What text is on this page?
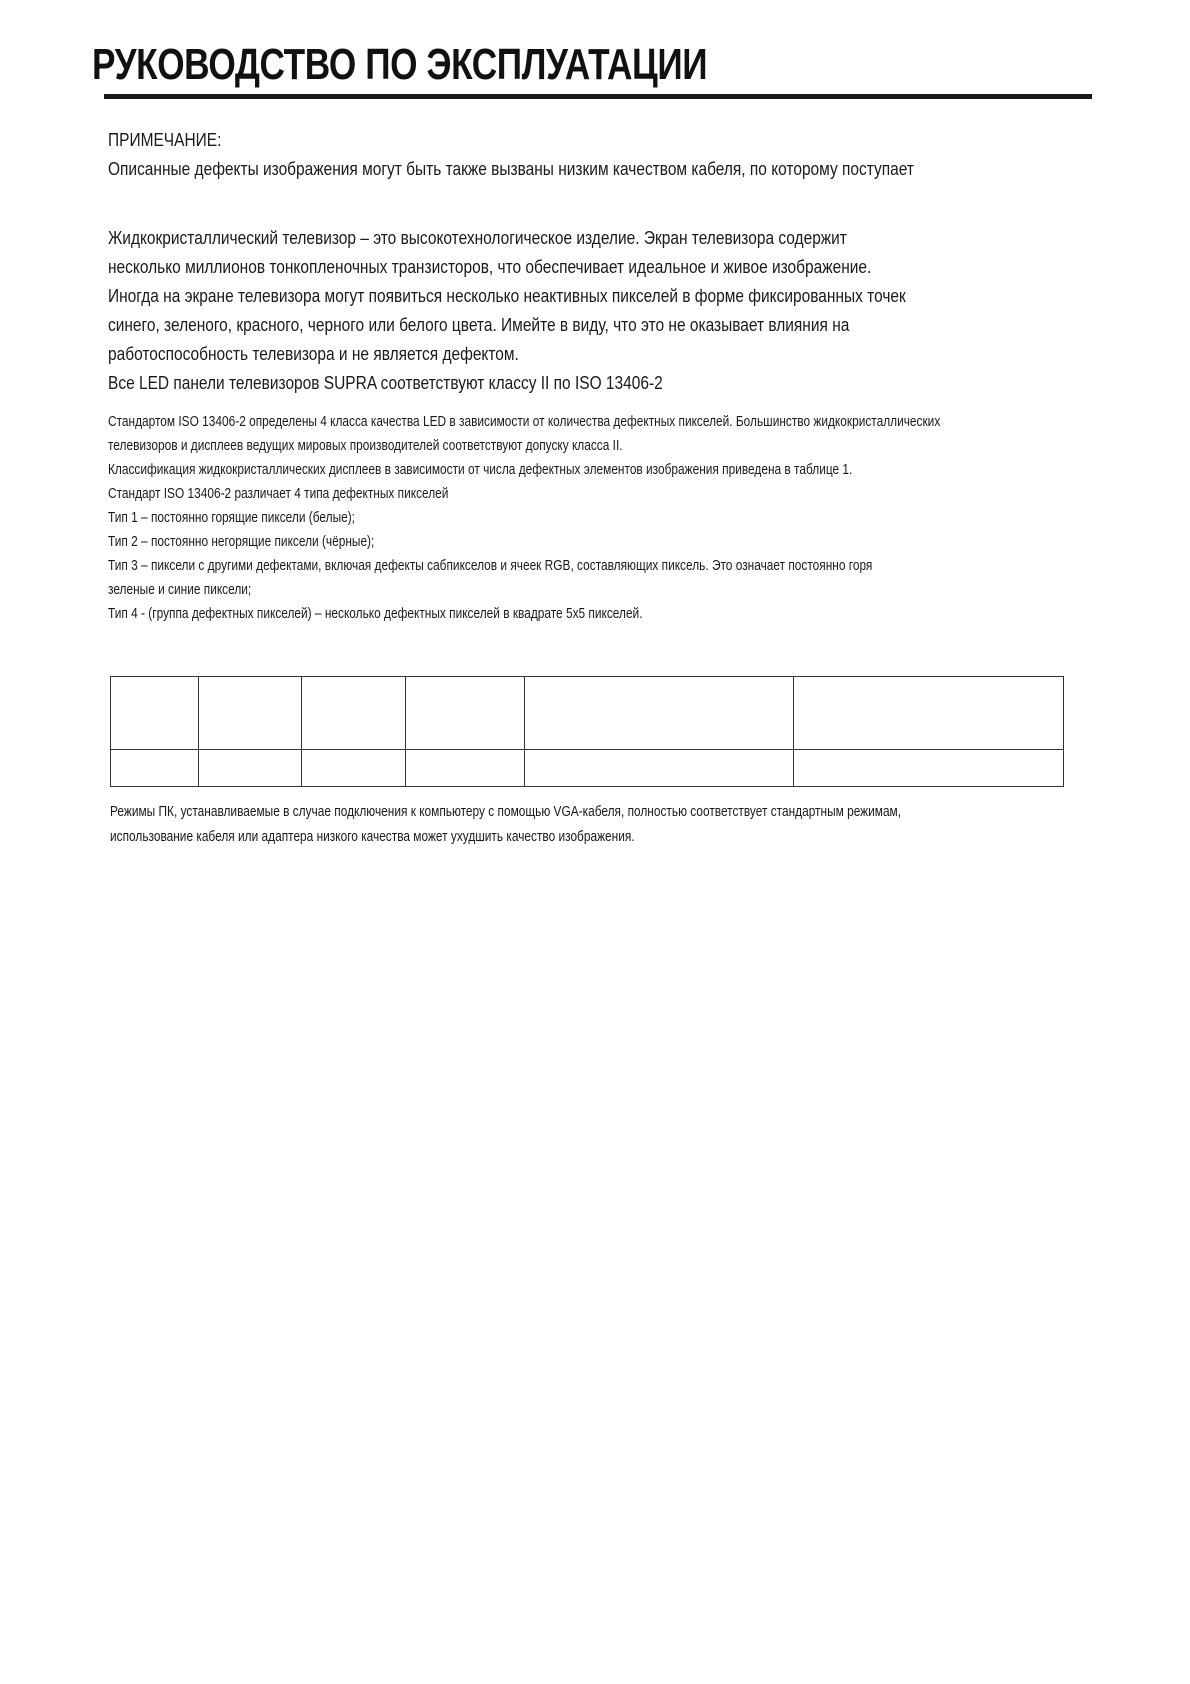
РУКОВОДСТВО ПО ЭКСПЛУАТАЦИИ
ПРИМЕЧАНИЕ:
Описанные дефекты изображения могут быть также вызваны низким качеством кабеля, по которому поступает
Жидкокристаллический телевизор – это высокотехнологическое изделие. Экран телевизора содержит
несколько миллионов тонкопленочных транзисторов, что обеспечивает идеальное и живое изображение.
Иногда на экране телевизора могут появиться несколько неактивных пикселей в форме фиксированных точек
синего, зеленого, красного, черного или белого цвета. Имейте в виду, что это не оказывает влияния на
работоспособность телевизора и не является дефектом.
Все LED панели телевизоров SUPRA соответствуют классу II по ISO 13406-2
Стандартом ISO 13406-2 определены 4 класса качества LED в зависимости от количества дефектных пикселей. Большинство жидкокристаллических
телевизоров и дисплеев ведущих мировых производителей соответствуют допуску класса II.
Классификация жидкокристаллических дисплеев в зависимости от числа дефектных элементов изображения приведена в таблице 1.
Стандарт ISO 13406-2 различает 4 типа дефектных пикселей
Тип 1 – постоянно горящие пиксели (белые);
Тип 2 – постоянно негорящие пиксели (чёрные);
Тип 3 – пиксели с другими дефектами, включая дефекты сабпикселов и ячеек RGB, составляющих пиксель. Это означает постоянно горя
зеленые и синие пиксели;
Тип 4 - (группа дефектных пикселей) – несколько дефектных пикселей в квадрате 5х5 пикселей.

Режимы ПК, устанавливаемые в случае подключения к компьютеру с помощью VGA-кабеля, полностью соответствует стандартным режимам,
использование кабеля или адаптера низкого качества может ухудшить качество изображения.
